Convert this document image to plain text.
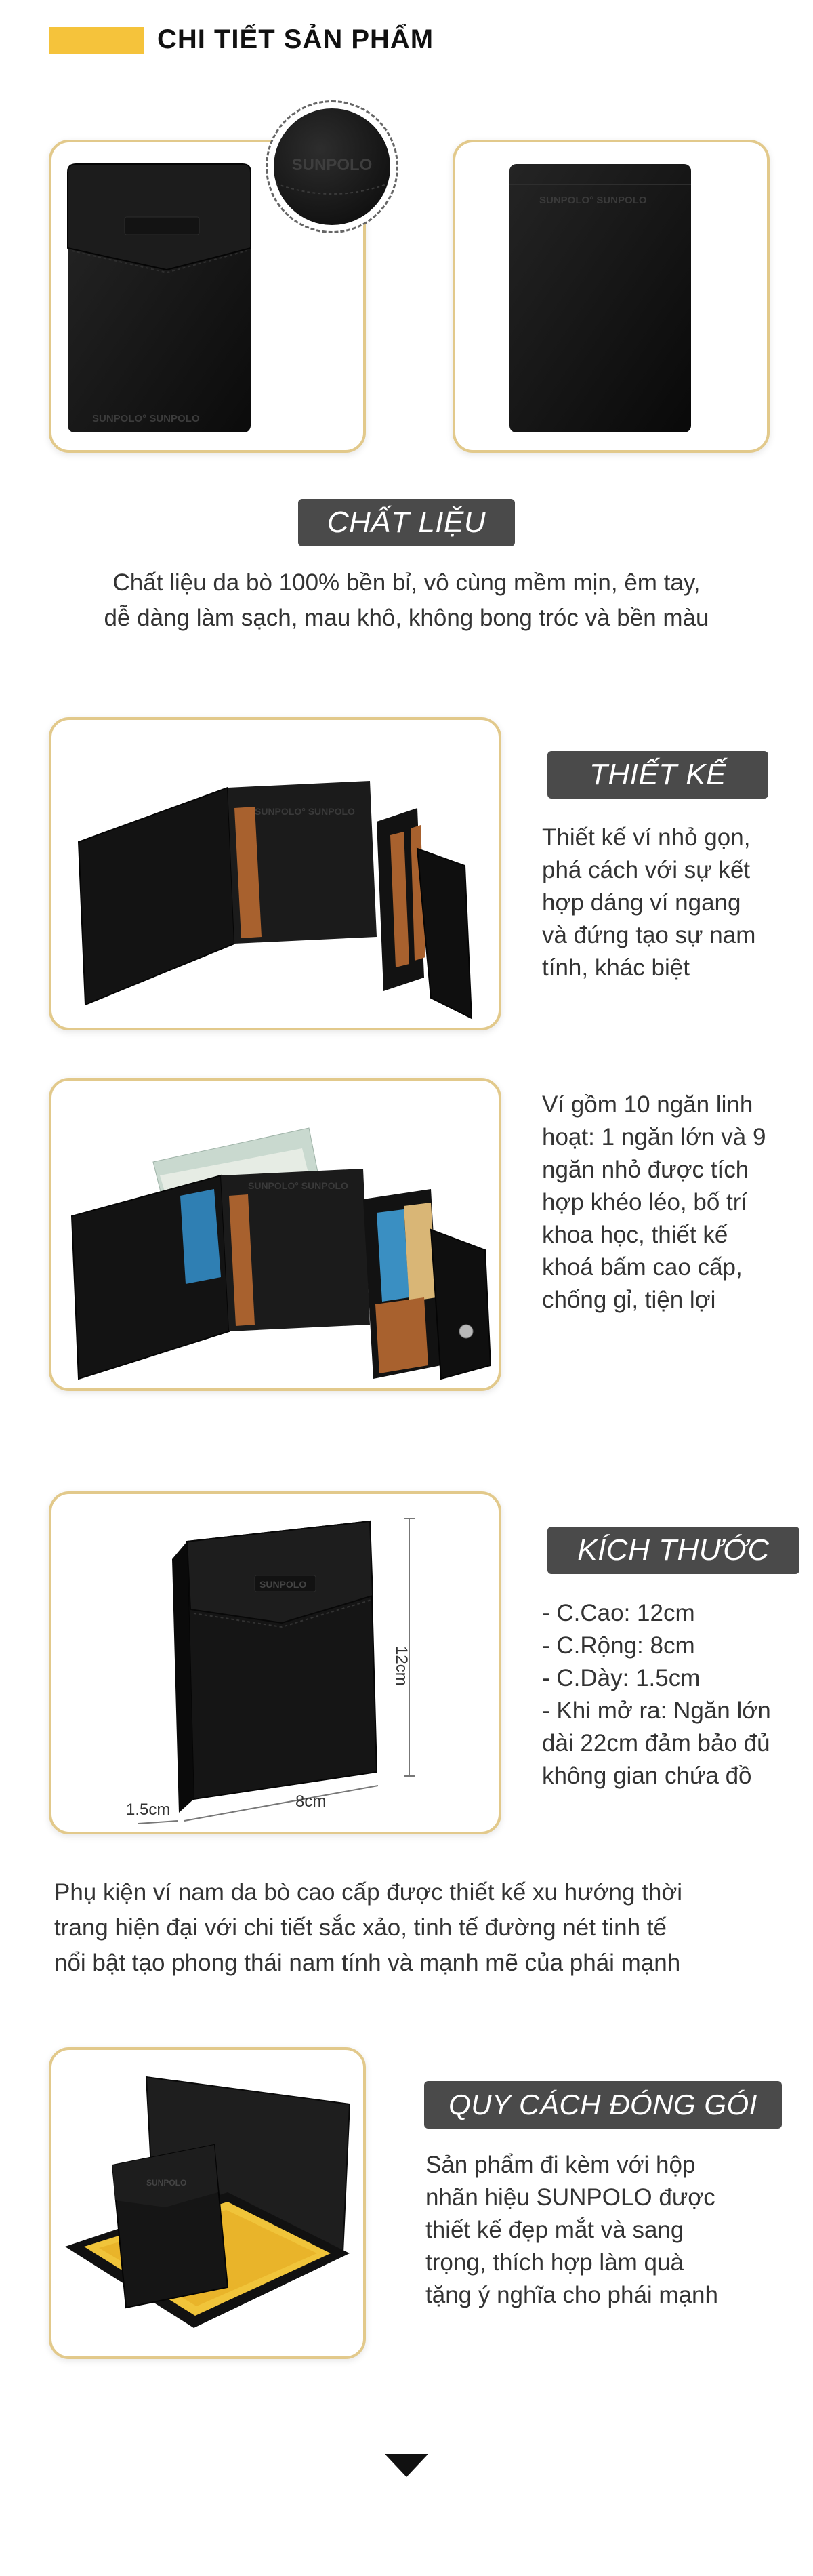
CHI TIẾT SẢN PHẨM
SUNPOLO° SUNPOLO
SUNPOLO
SUNPOLO° SUNPOLO
CHẤT LIỆU
Chất liệu da bò 100% bền bỉ, vô cùng mềm mịn, êm tay,
dễ dàng làm sạch, mau khô, không bong tróc và bền màu
SUNPOLO° SUNPOLO
THIẾT KẾ
Thiết kế ví nhỏ gọn,
phá cách với sự kết
hợp dáng ví ngang
và đứng tạo sự nam
tính, khác biệt
SUNPOLO° SUNPOLO
Ví gồm 10 ngăn linh
hoạt: 1 ngăn lớn và 9
ngăn nhỏ được tích
hợp khéo léo, bố trí
khoa học, thiết kế
khoá bấm cao cấp,
chống gỉ, tiện lợi
SUNPOLO
12cm
8cm
1.5cm
KÍCH THƯỚC
- C.Cao: 12cm
- C.Rộng: 8cm
- C.Dày: 1.5cm
- Khi mở ra: Ngăn lớn
dài 22cm đảm bảo đủ
không gian chứa đồ
Phụ kiện ví nam da bò cao cấp được thiết kế xu hướng thời
trang hiện đại với chi tiết sắc xảo, tinh tế đường nét tinh tế
nổi bật tạo phong thái nam tính và mạnh mẽ của phái mạnh
SUNPOLO
QUY CÁCH ĐÓNG GÓI
Sản phẩm đi kèm với hộp
nhãn hiệu SUNPOLO được
thiết kế đẹp mắt và sang
trọng, thích hợp làm quà
tặng ý nghĩa cho phái mạnh
